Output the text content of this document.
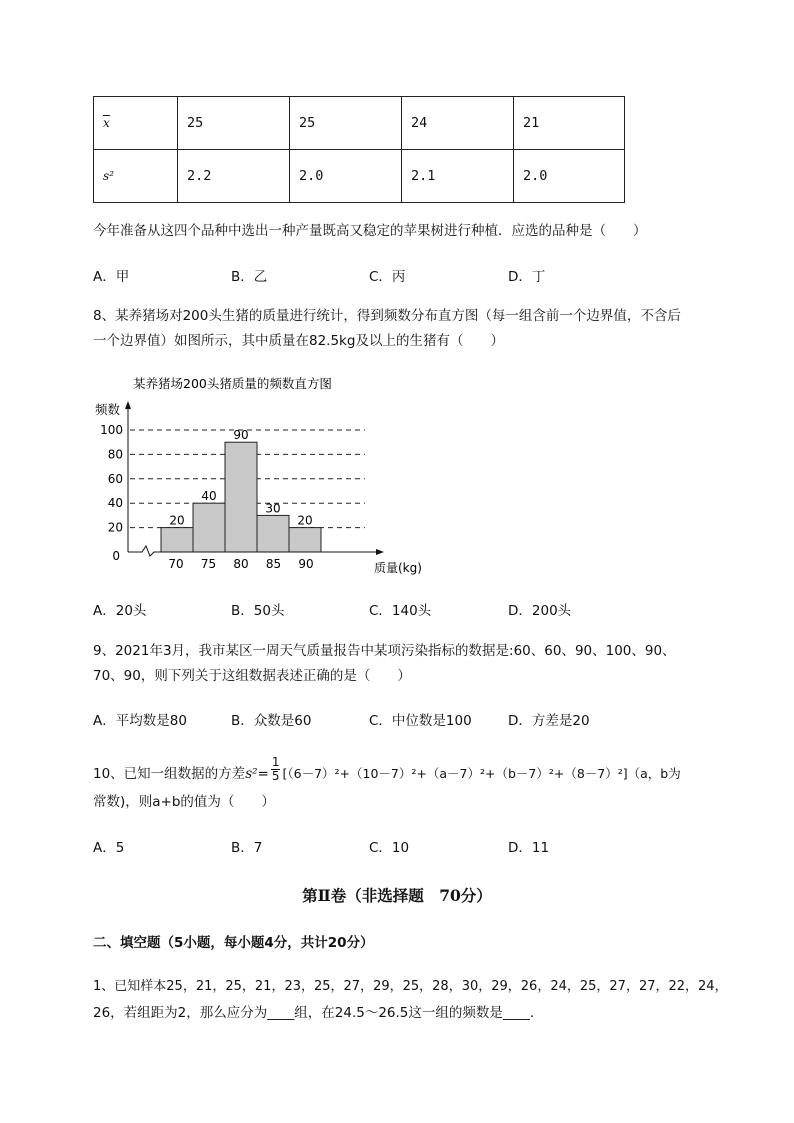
$\overline{x}$	25	25	24	21
s²	2.2	2.0	2.1	2.0
今年准备从这四个品种中选出一种产量既高又稳定的苹果树进行种植．应选的品种是（　　）
A．甲	B．乙	C．丙	D．丁
8、某养猪场对200头生猪的质量进行统计，得到频数分布直方图（每一组含前一个边界值，不含后
一个边界值）如图所示，其中质量在82.5kg及以上的生猪有（　　）
某养猪场200头猪质量的频数直方图
频数
质量(kg)
20
40
90
30
20
0
20
40
60
80
100
70 75 80 85 90
A．20头	B．50头	C．140头	D．200头
9、2021年3月，我市某区一周天气质量报告中某项污染指标的数据是:60、60、90、100、90、
70、90，则下列关于这组数据表述正确的是（　　）
A．平均数是80	B．众数是60	C．中位数是100	D．方差是20
10、已知一组数据的方差 $s^2 = \frac{1}{5} [(6-7)^2+(10-7)^2+(a-7)^2+(b-7)^2+(8-7)^2](a$，b为
常数)，则a+b的值为（　　）
A．5	B．7	C．10	D．11
第Ⅱ卷（非选择题　70分）
二、填空题（5小题，每小题4分，共计20分）
1、已知样本25，21，25，21，23，25，27，29，25，28，30，29，26，24，25，27，27，22，24，
26，若组距为2，那么应分为____组，在24.5～26.5这一组的频数是____．
